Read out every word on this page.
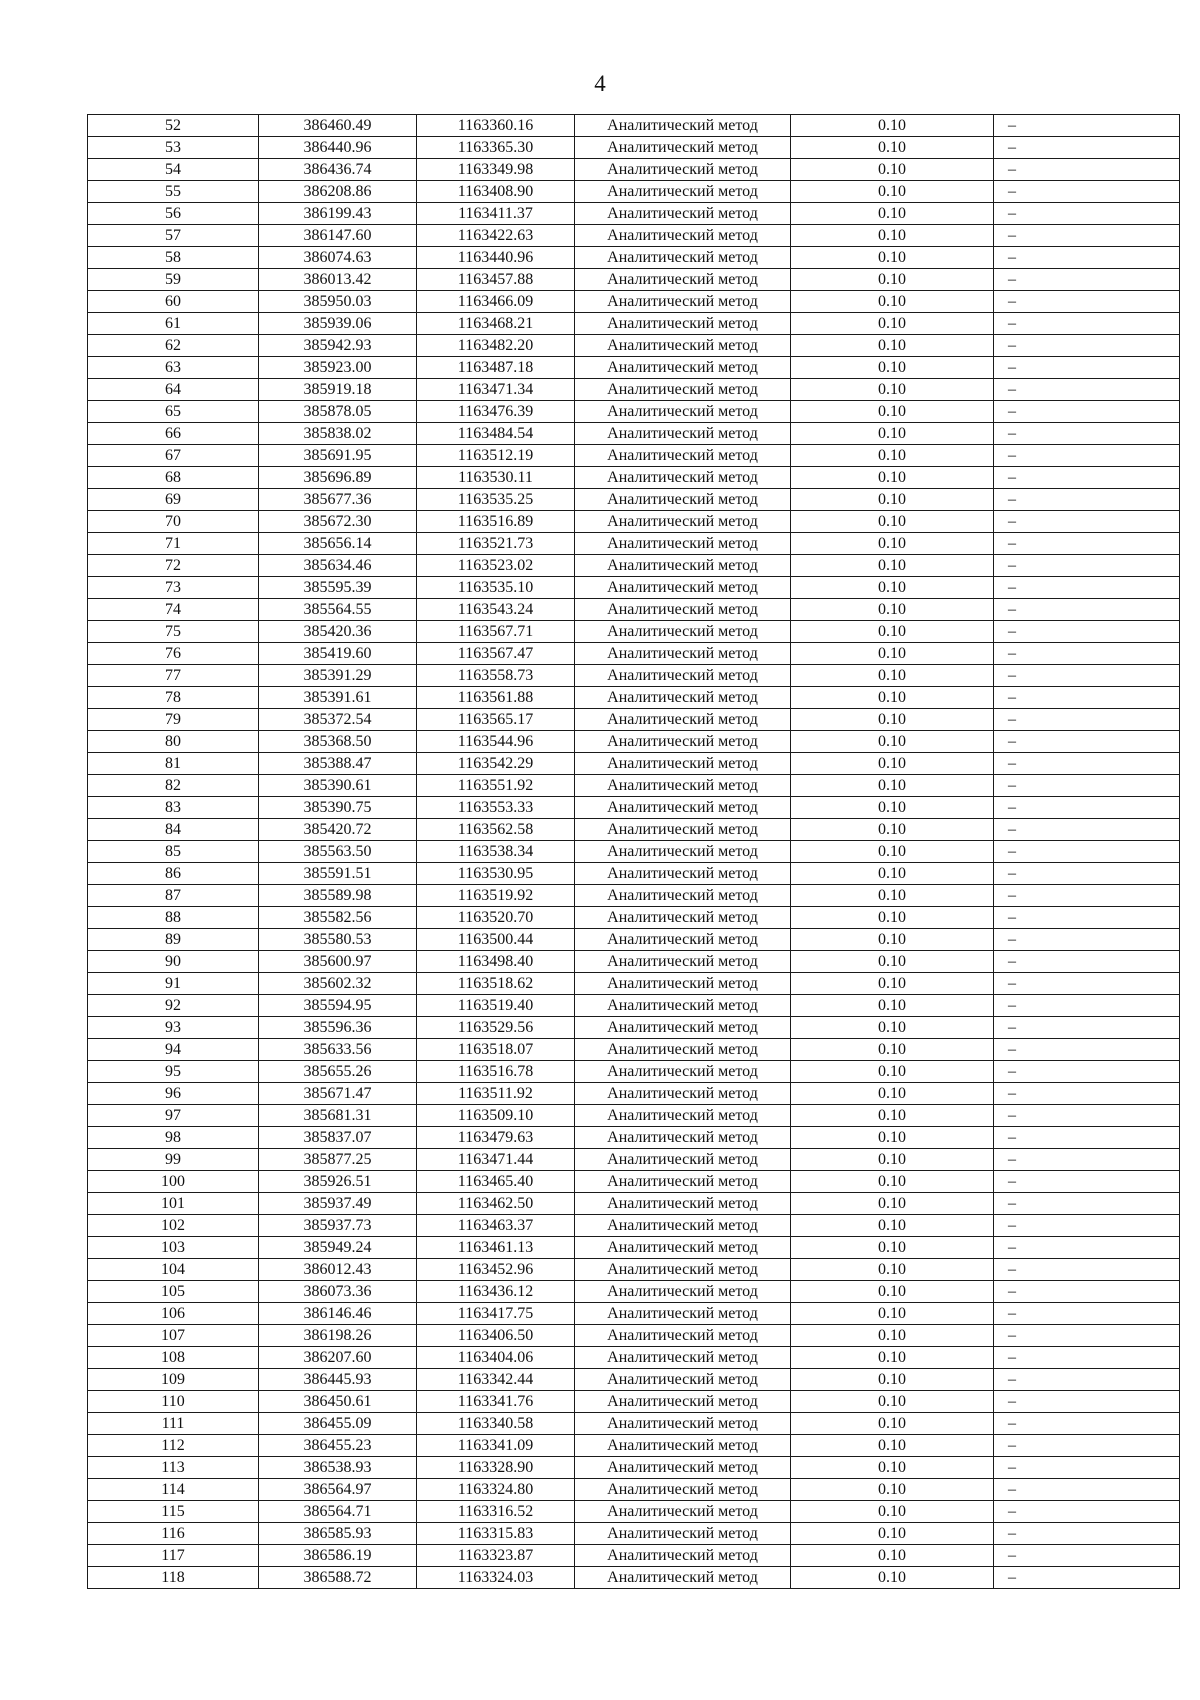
4
52	386460.49	1163360.16	Аналитический метод	0.10	–
53	386440.96	1163365.30	Аналитический метод	0.10	–
54	386436.74	1163349.98	Аналитический метод	0.10	–
55	386208.86	1163408.90	Аналитический метод	0.10	–
56	386199.43	1163411.37	Аналитический метод	0.10	–
57	386147.60	1163422.63	Аналитический метод	0.10	–
58	386074.63	1163440.96	Аналитический метод	0.10	–
59	386013.42	1163457.88	Аналитический метод	0.10	–
60	385950.03	1163466.09	Аналитический метод	0.10	–
61	385939.06	1163468.21	Аналитический метод	0.10	–
62	385942.93	1163482.20	Аналитический метод	0.10	–
63	385923.00	1163487.18	Аналитический метод	0.10	–
64	385919.18	1163471.34	Аналитический метод	0.10	–
65	385878.05	1163476.39	Аналитический метод	0.10	–
66	385838.02	1163484.54	Аналитический метод	0.10	–
67	385691.95	1163512.19	Аналитический метод	0.10	–
68	385696.89	1163530.11	Аналитический метод	0.10	–
69	385677.36	1163535.25	Аналитический метод	0.10	–
70	385672.30	1163516.89	Аналитический метод	0.10	–
71	385656.14	1163521.73	Аналитический метод	0.10	–
72	385634.46	1163523.02	Аналитический метод	0.10	–
73	385595.39	1163535.10	Аналитический метод	0.10	–
74	385564.55	1163543.24	Аналитический метод	0.10	–
75	385420.36	1163567.71	Аналитический метод	0.10	–
76	385419.60	1163567.47	Аналитический метод	0.10	–
77	385391.29	1163558.73	Аналитический метод	0.10	–
78	385391.61	1163561.88	Аналитический метод	0.10	–
79	385372.54	1163565.17	Аналитический метод	0.10	–
80	385368.50	1163544.96	Аналитический метод	0.10	–
81	385388.47	1163542.29	Аналитический метод	0.10	–
82	385390.61	1163551.92	Аналитический метод	0.10	–
83	385390.75	1163553.33	Аналитический метод	0.10	–
84	385420.72	1163562.58	Аналитический метод	0.10	–
85	385563.50	1163538.34	Аналитический метод	0.10	–
86	385591.51	1163530.95	Аналитический метод	0.10	–
87	385589.98	1163519.92	Аналитический метод	0.10	–
88	385582.56	1163520.70	Аналитический метод	0.10	–
89	385580.53	1163500.44	Аналитический метод	0.10	–
90	385600.97	1163498.40	Аналитический метод	0.10	–
91	385602.32	1163518.62	Аналитический метод	0.10	–
92	385594.95	1163519.40	Аналитический метод	0.10	–
93	385596.36	1163529.56	Аналитический метод	0.10	–
94	385633.56	1163518.07	Аналитический метод	0.10	–
95	385655.26	1163516.78	Аналитический метод	0.10	–
96	385671.47	1163511.92	Аналитический метод	0.10	–
97	385681.31	1163509.10	Аналитический метод	0.10	–
98	385837.07	1163479.63	Аналитический метод	0.10	–
99	385877.25	1163471.44	Аналитический метод	0.10	–
100	385926.51	1163465.40	Аналитический метод	0.10	–
101	385937.49	1163462.50	Аналитический метод	0.10	–
102	385937.73	1163463.37	Аналитический метод	0.10	–
103	385949.24	1163461.13	Аналитический метод	0.10	–
104	386012.43	1163452.96	Аналитический метод	0.10	–
105	386073.36	1163436.12	Аналитический метод	0.10	–
106	386146.46	1163417.75	Аналитический метод	0.10	–
107	386198.26	1163406.50	Аналитический метод	0.10	–
108	386207.60	1163404.06	Аналитический метод	0.10	–
109	386445.93	1163342.44	Аналитический метод	0.10	–
110	386450.61	1163341.76	Аналитический метод	0.10	–
111	386455.09	1163340.58	Аналитический метод	0.10	–
112	386455.23	1163341.09	Аналитический метод	0.10	–
113	386538.93	1163328.90	Аналитический метод	0.10	–
114	386564.97	1163324.80	Аналитический метод	0.10	–
115	386564.71	1163316.52	Аналитический метод	0.10	–
116	386585.93	1163315.83	Аналитический метод	0.10	–
117	386586.19	1163323.87	Аналитический метод	0.10	–
118	386588.72	1163324.03	Аналитический метод	0.10	–
